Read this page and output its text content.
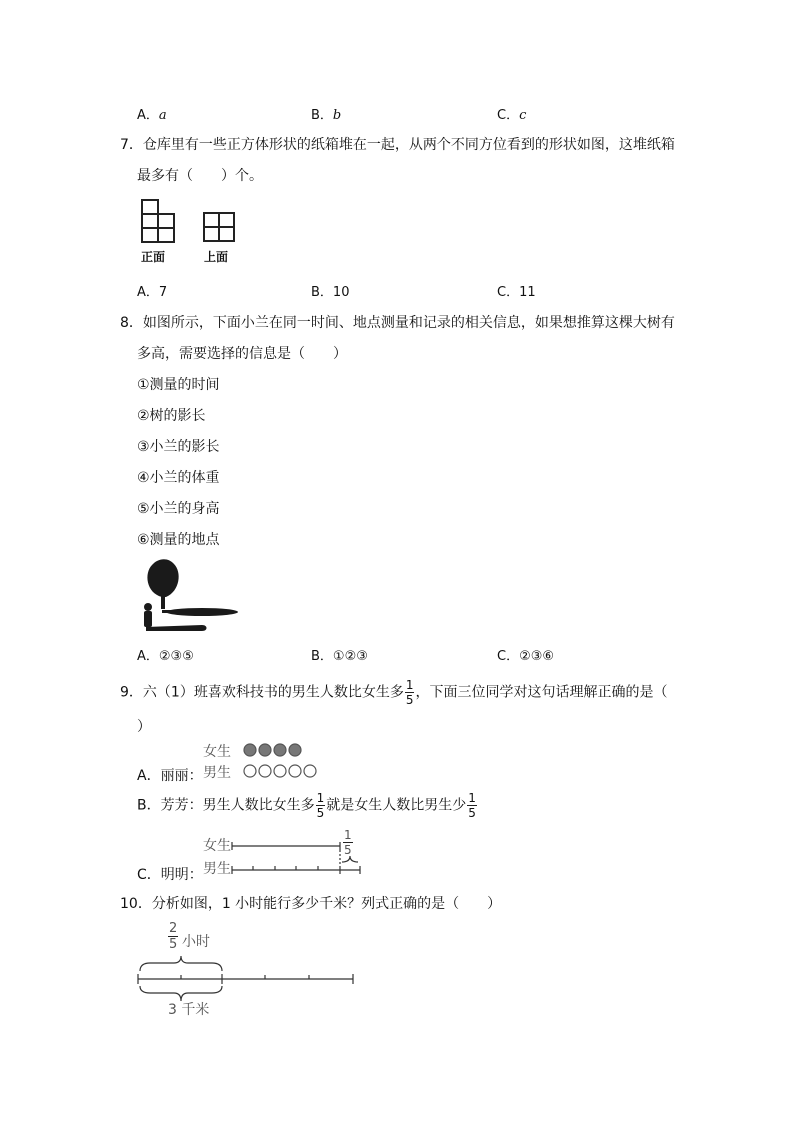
A．a	B．b	C．c
7．仓库里有一些正方体形状的纸箱堆在一起，从两个不同方位看到的形状如图，这堆纸箱
最多有（　　）个。
正面	上面
A．7	B．10	C．11
8．如图所示，下面小兰在同一时间、地点测量和记录的相关信息，如果想推算这棵大树有
多高，需要选择的信息是（　　）
①测量的时间
②树的影长
③小兰的影长
④小兰的体重
⑤小兰的身高
⑥测量的地点
A．②③⑤	B．①②③	C．②③⑥
9．六（1）班喜欢科技书的男生人数比女生多 $\frac{1}{5}$ ，下面三位同学对这句话理解正确的是（
）
女生
A．丽丽： 男生
B．芳芳：男生人数比女生多 $\frac{1}{5}$ 就是女生人数比男生少 $\frac{1}{5}$
女生
男生
C．明明：
$\frac{1}{5}$
10．分析如图，1 小时能行多少千米？列式正确的是（　　）
$\frac{2}{5}$ 小时
3 千米
